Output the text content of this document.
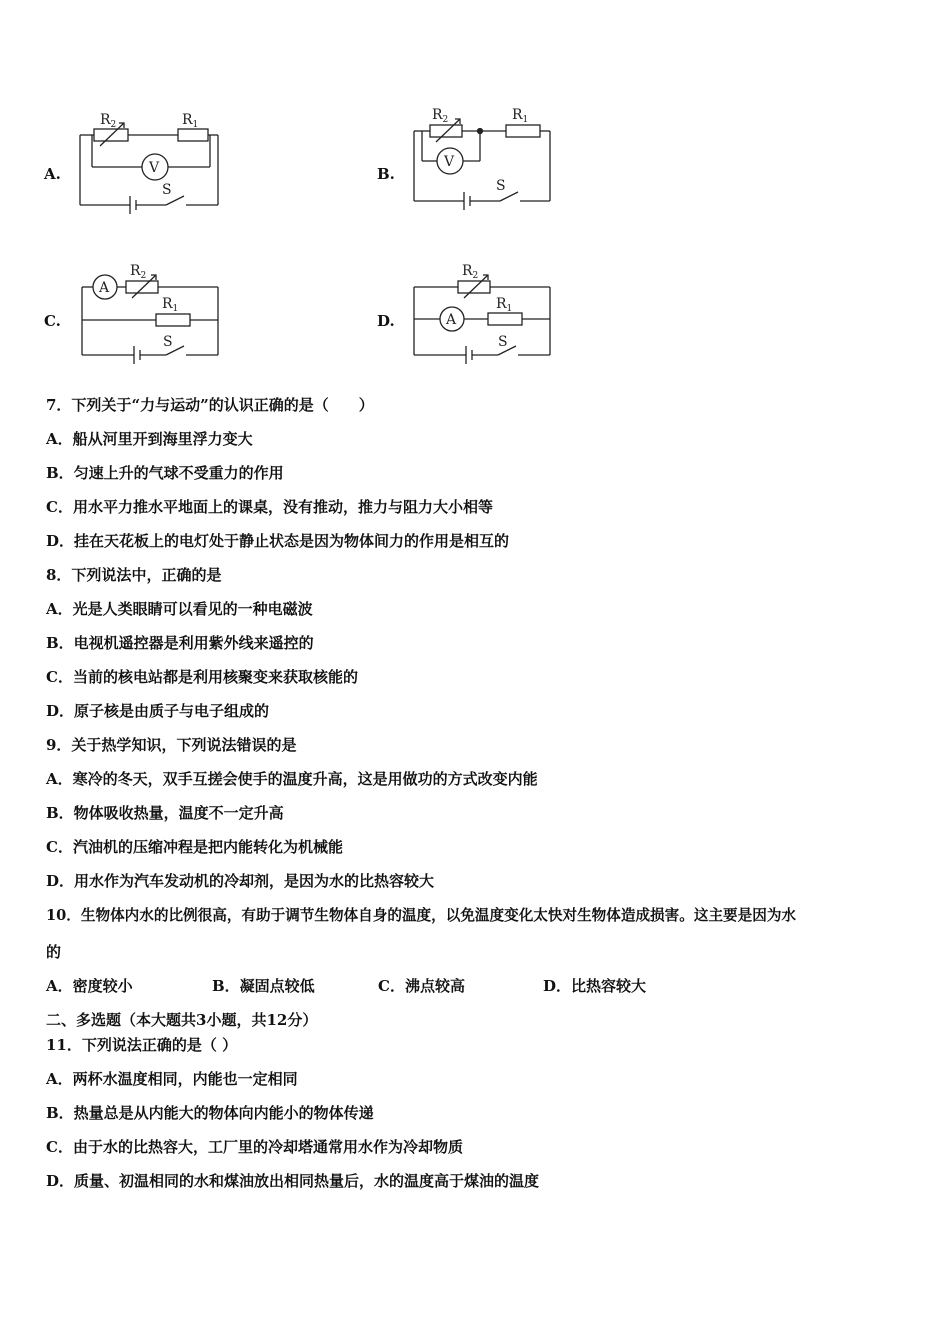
A.
$R_2$	$R_1$
V
S
B.
$R_2$	$R_1$
V
S
C.
A
$R_2$
$R_1$
S
D.
$R_2$
A
$R_1$
S
7．下列关于“力与运动”的认识正确的是（　　）
A．船从河里开到海里浮力变大
B．匀速上升的气球不受重力的作用
C．用水平力推水平地面上的课桌，没有推动，推力与阻力大小相等
D．挂在天花板上的电灯处于静止状态是因为物体间力的作用是相互的
8．下列说法中，正确的是
A．光是人类眼睛可以看见的一种电磁波
B．电视机遥控器是利用紫外线来遥控的
C．当前的核电站都是利用核聚变来获取核能的
D．原子核是由质子与电子组成的
9．关于热学知识，下列说法错误的是
A．寒冷的冬天，双手互搓会使手的温度升高，这是用做功的方式改变内能
B．物体吸收热量，温度不一定升高
C．汽油机的压缩冲程是把内能转化为机械能
D．用水作为汽车发动机的冷却剂，是因为水的比热容较大
10．生物体内水的比例很高，有助于调节生物体自身的温度，以免温度变化太快对生物体造成损害。这主要是因为水
的
A．密度较小	B．凝固点较低	C．沸点较高	D．比热容较大
二、多选题（本大题共3小题，共12分）
11．下列说法正确的是（ ）
A．两杯水温度相同，内能也一定相同
B．热量总是从内能大的物体向内能小的物体传递
C．由于水的比热容大，工厂里的冷却塔通常用水作为冷却物质
D．质量、初温相同的水和煤油放出相同热量后，水的温度高于煤油的温度
